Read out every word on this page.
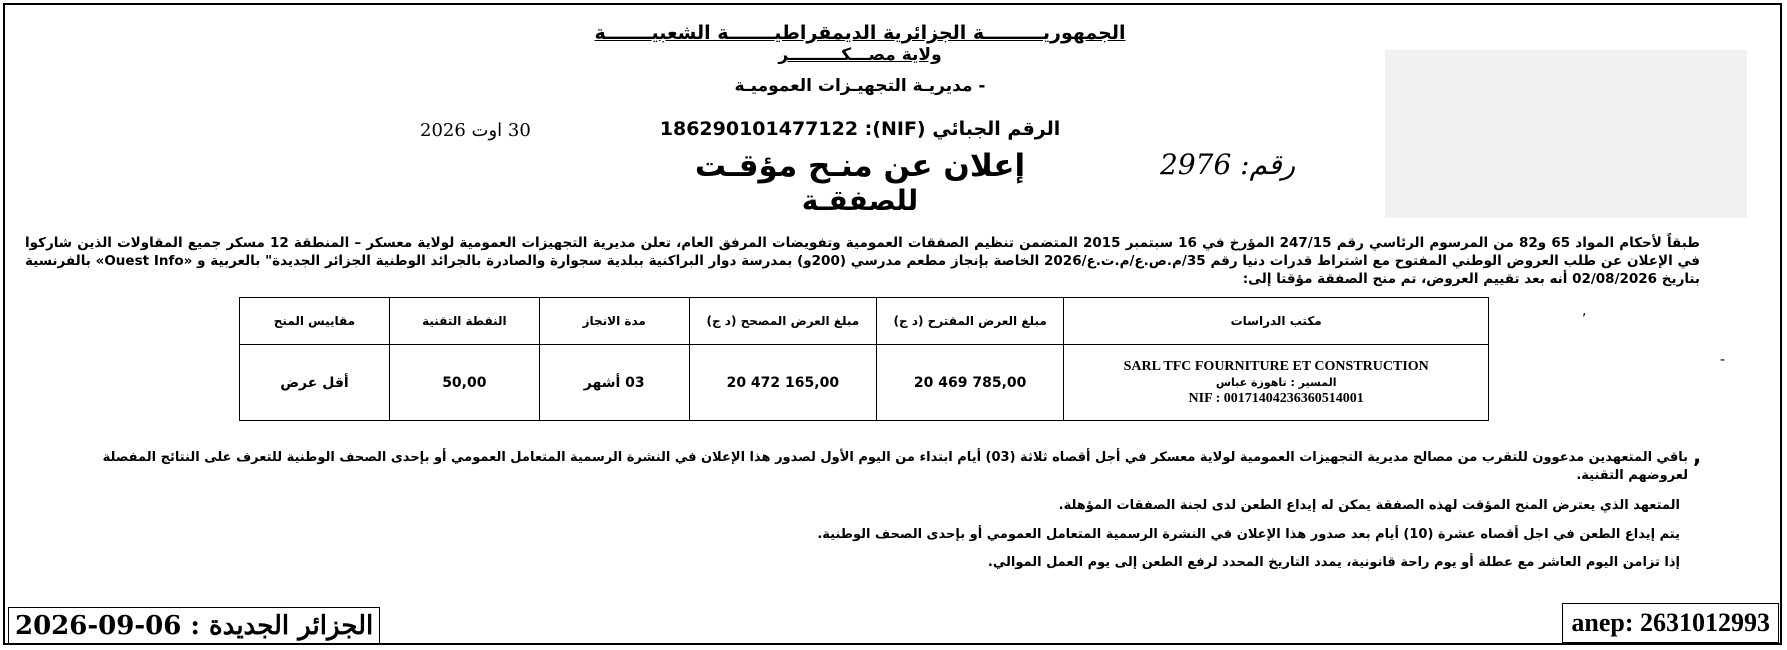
الجمهوريـــــــــة الجزائرية الديمقراطيـــــــة الشعبيـــــــة
ولاية مصـــكـــــــــر
- مديريـة التجهيـزات العموميـة
الرقم الجبائي (NIF): 186290101477122
30 اوت 2026
رقم: 2976
إعلان عن منـح مؤقـت
للصفقـة
طبقاً لأحكام المواد 65 و82 من المرسوم الرئاسي رقم 247/15 المؤرخ في 16 سبتمبر 2015 المتضمن تنظيم الصفقات العمومية وتفويضات المرفق العام، تعلن مديرية التجهيزات العمومية لولاية معسكر – المنطقة 12 مسكر جميع المقاولات الذين شاركوا في الإعلان عن طلب العروض الوطني المفتوح مع اشتراط قدرات دنيا رقم 35/م.ص.ع/م.ت.ع/2026 الخاصة بإنجاز مطعم مدرسي (200و) بمدرسة دوار البراكنية ببلدية سجوارة والصادرة بالجرائد الوطنية الجزائر الجديدة" بالعربية و «Ouest Info» بالفرنسية بتاريخ 02/08/2026 أنه بعد تقييم العروض، تم منح الصفقة مؤقتا إلى:
مكتب الدراسات	مبلغ العرض المقترح (د ج)	مبلغ العرض المصحح (د ج)	مدة الانجاز	النقطة التقنية	مقاييس المنح

SARL TFC FOURNITURE ET CONSTRUCTION
المسير : تاهوزة عباس
NIF : 00171404236360514001	20 469 785,00	20 472 165,00	03 أشهر	50,00	أقل عرض
,
-
,
باقي المتعهدين مدعوون للتقرب من مصالح مديرية التجهيزات العمومية لولاية معسكر في أجل أقصاه ثلاثة (03) أيام ابتداء من اليوم الأول لصدور هذا الإعلان في النشرة الرسمية المتعامل العمومي أو بإحدى الصحف الوطنية للتعرف على النتائج المفصلة لعروضهم التقنية.
المتعهد الذي يعترض المنح المؤقت لهذه الصفقة يمكن له إيداع الطعن لدى لجنة الصفقات المؤهلة.
يتم إيداع الطعن في اجل أقصاه عشرة (10) أيام بعد صدور هذا الإعلان في النشرة الرسمية المتعامل العمومي أو بإحدى الصحف الوطنية.
إذا تزامن اليوم العاشر مع عطلة أو يوم راحة قانونية، يمدد التاريخ المحدد لرفع الطعن إلى يوم العمل الموالي.
الجزائر الجديدة : 06-09-2026	anep: 2631012993
